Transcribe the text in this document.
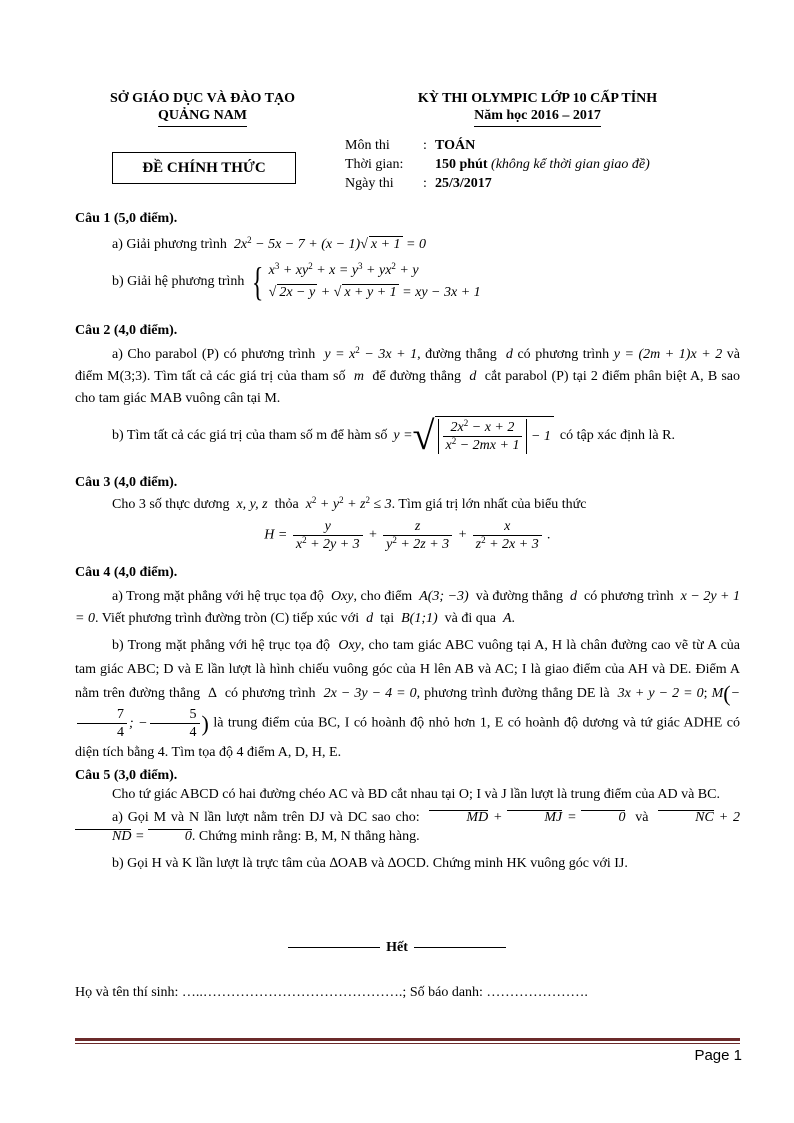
SỞ GIÁO DỤC VÀ ĐÀO TẠO
QUẢNG NAM
KỲ THI OLYMPIC LỚP 10 CẤP TỈNH
Năm học 2016 – 2017
ĐỀ CHÍNH THỨC
Môn thi	: TOÁN
Thời gian:	150 phút (không kể thời gian giao đề)
Ngày thi	: 25/3/2017
Câu 1 (5,0 điểm).
a) Giải phương trình  $2x^2 - 5x - 7 + (x - 1)√$ x + 1 = 0
b) Giải hệ phương trình { $x^3 + xy^2 + x = y^3 + yx^2 + y$
√ 2x − y + √ x + y + 1 = xy − 3x + 1
Câu 2 (4,0 điểm).
a) Cho parabol (P) có phương trình  $y = x^2 - 3x + 1$, đường thẳng  d có phương trình y = (2m + 1)x + 2 và điểm M(3;3). Tìm tất cả các giá trị của tham số  m  để đường thẳng  d  cắt parabol (P) tại 2 điểm phân biệt A, B sao cho tam giác MAB vuông cân tại M.
b) Tìm tất cả các giá trị của tham số m để hàm số y = √ $\frac{2x^2 - x + 2}{x^2 - 2mx + 1} - 1$ có tập xác định là R.
Câu 3 (4,0 điểm).
Cho 3 số thực dương  x, y, z  thỏa  $x^2 + y^2 + z^2 \le 3$. Tìm giá trị lớn nhất của biểu thức
$H = \frac{y}{x^2 + 2y + 3} + \frac{z}{y^2 + 2z + 3} + \frac{x}{z^2 + 2x + 3}$ .
Câu 4 (4,0 điểm).
a) Trong mặt phẳng với hệ trục tọa độ  Oxy, cho điểm  A(3; −3)  và đường thẳng  d  có phương trình  x − 2y + 1 = 0. Viết phương trình đường tròn (C) tiếp xúc với  d  tại  B(1;1)  và đi qua  A.
b) Trong mặt phẳng với hệ trục tọa độ  Oxy, cho tam giác ABC vuông tại A, H là chân đường cao vẽ từ A của tam giác ABC; D và E lần lượt là hình chiếu vuông góc của H lên AB và AC; I là giao điểm của AH và DE. Điểm A nằm trên đường thẳng  ∆  có phương trình  2x − 3y − 4 = 0, phương trình đường thẳng DE là  3x + y − 2 = 0; M(−
$\frac{7}{4}$ ; − $\frac{5}{4}$ ) là trung điểm của BC, I có hoành độ nhỏ hơn 1, E có hoành độ dương và tứ giác ADHE có diện tích bằng 4. Tìm tọa độ 4 điểm A, D, H, E.
Câu 5 (3,0 điểm).
Cho tứ giác ABCD có hai đường chéo AC và BD cắt nhau tại O; I và J lần lượt là trung điểm của AD và BC.
a) Gọi M và N lần lượt nằm trên DJ và DC sao cho:	MD +	MJ =	0 và	NC + 2ND =	0. Chứng minh rằng: B, M, N thẳng hàng.
b) Gọi H và K lần lượt là trực tâm của ∆OAB và ∆OCD. Chứng minh HK vuông góc với IJ.
Hết
Họ và tên thí sinh: …..…………………………………….; Số báo danh: ………………….
Page 1
